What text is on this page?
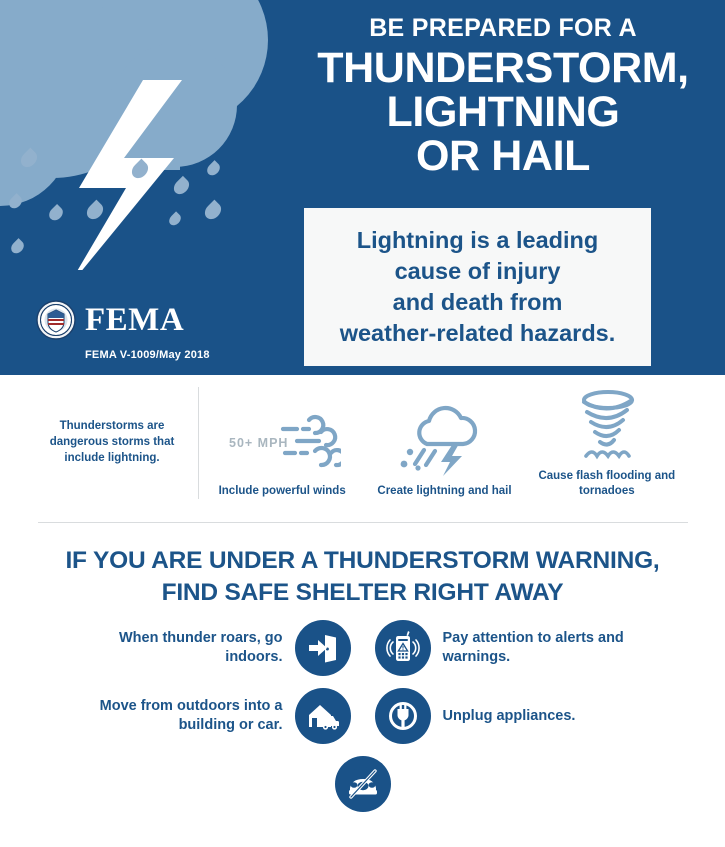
BE PREPARED FOR A
THUNDERSTORM,
LIGHTNING
OR HAIL
Lightning is a leading
cause of injury
and death from
weather-related hazards.
FEMA
FEMA V-1009/May 2018
Thunderstorms are dangerous storms that include lightning.
50+ MPH
Include powerful winds	Create lightning and hail
Cause flash flooding and tornadoes
IF YOU ARE UNDER A THUNDERSTORM WARNING,
FIND SAFE SHELTER RIGHT AWAY
When thunder roars, go indoors.
Pay attention to alerts and warnings.
Move from outdoors into a building or car.
Unplug appliances.
